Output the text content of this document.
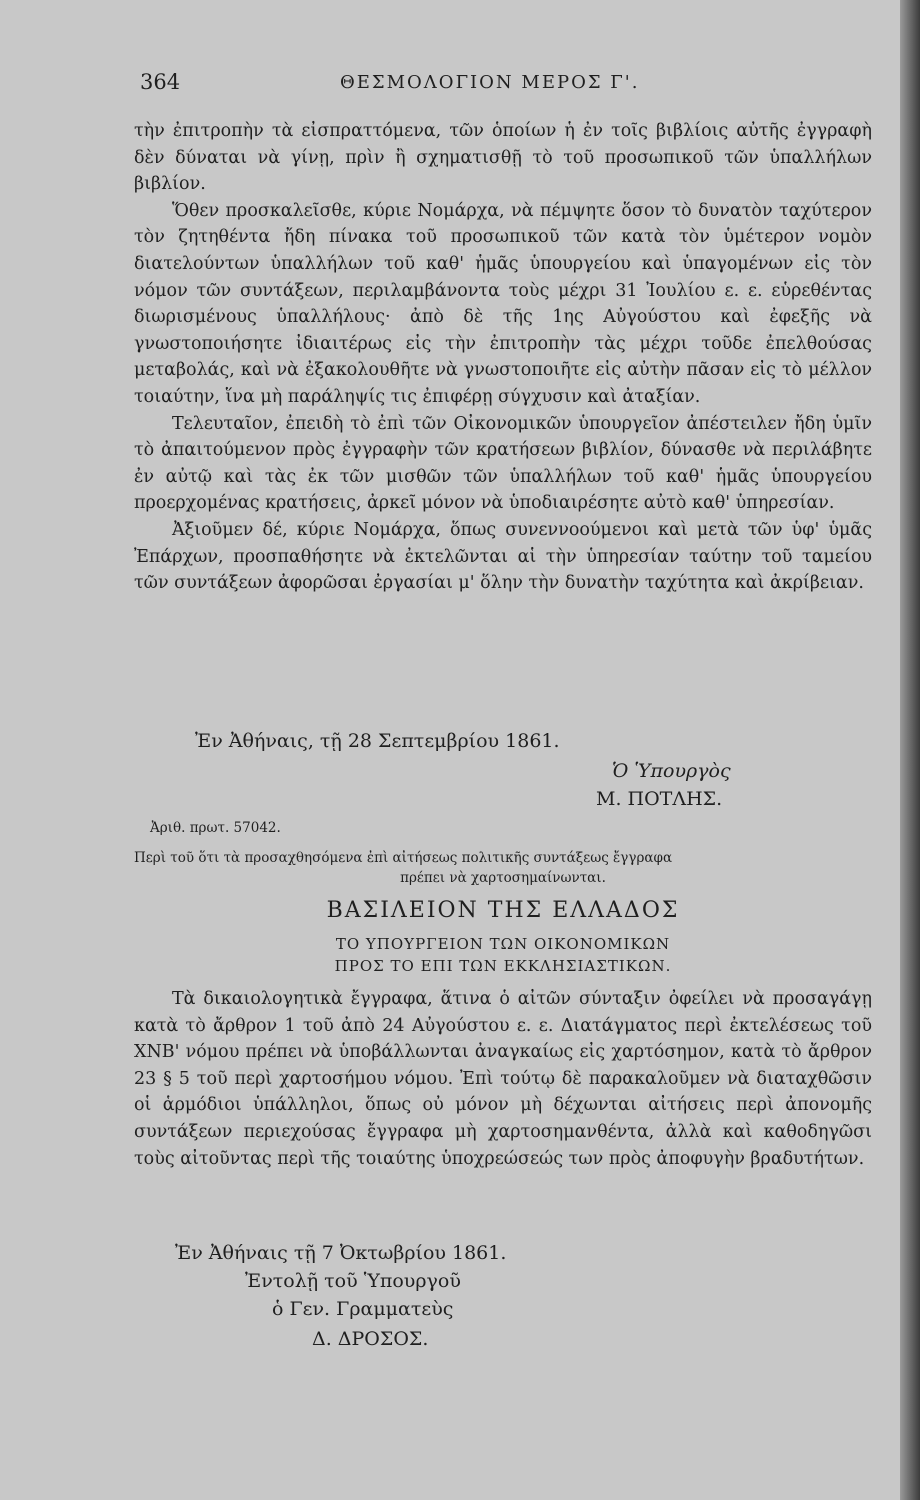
364	ΘΕΣΜΟΛΟΓΙΟΝ ΜΕΡΟΣ Γ'.

τὴν ἐπιτροπὴν τὰ εἰσπραττόμενα, τῶν ὁποίων ἡ ἐν τοῖς βιβλίοις αὐτῆς ἐγγραφὴ δὲν δύναται νὰ γίνῃ, πρὶν ἢ σχηματισθῇ τὸ τοῦ προσωπικοῦ τῶν ὑπαλλήλων βιβλίον.

Ὅθεν προσκαλεῖσθε, κύριε Νομάρχα, νὰ πέμψητε ὅσον τὸ δυνατὸν ταχύτερον τὸν ζητηθέντα ἤδη πίνακα τοῦ προσωπικοῦ τῶν κατὰ τὸν ὑμέτερον νομὸν διατελούντων ὑπαλλήλων τοῦ καθ' ἡμᾶς ὑπουργείου καὶ ὑπαγομένων εἰς τὸν νόμον τῶν συντάξεων, περιλαμβάνοντα τοὺς μέχρι 31 Ἰουλίου ε. ε. εὑρεθέντας διωρισμένους ὑπαλλήλους· ἀπὸ δὲ τῆς 1ης Αὐγούστου καὶ ἐφεξῆς νὰ γνωστοποιήσητε ἰδιαιτέρως εἰς τὴν ἐπιτροπὴν τὰς μέχρι τοῦδε ἐπελθούσας μεταβολάς, καὶ νὰ ἐξακολουθῆτε νὰ γνωστοποιῆτε εἰς αὐτὴν πᾶσαν εἰς τὸ μέλλον τοιαύτην, ἵνα μὴ παράληψίς τις ἐπιφέρῃ σύγχυσιν καὶ ἀταξίαν.

Τελευταῖον, ἐπειδὴ τὸ ἐπὶ τῶν Οἰκονομικῶν ὑπουργεῖον ἀπέστειλεν ἤδη ὑμῖν τὸ ἀπαιτούμενον πρὸς ἐγγραφὴν τῶν κρατήσεων βιβλίον, δύνασθε νὰ περιλάβητε ἐν αὐτῷ καὶ τὰς ἐκ τῶν μισθῶν τῶν ὑπαλλήλων τοῦ καθ' ἡμᾶς ὑπουργείου προερχομένας κρατήσεις, ἀρκεῖ μόνον νὰ ὑποδιαιρέσητε αὐτὸ καθ' ὑπηρεσίαν.

Ἀξιοῦμεν δέ, κύριε Νομάρχα, ὅπως συνεννοούμενοι καὶ μετὰ τῶν ὑφ' ὑμᾶς Ἐπάρχων, προσπαθήσητε νὰ ἐκτελῶνται αἱ τὴν ὑπηρεσίαν ταύτην τοῦ ταμείου τῶν συντάξεων ἀφορῶσαι ἐργασίαι μ' ὅλην τὴν δυνατὴν ταχύτητα καὶ ἀκρίβειαν.

Ἐν Ἀθήναις, τῇ 28 Σεπτεμβρίου 1861.
Ὁ Ὑπουργὸς
Μ. ΠΟΤΛΗΣ.
Ἀριθ. πρωτ. 57042.
Περὶ τοῦ ὅτι τὰ προσαχθησόμενα ἐπὶ αἰτήσεως πολιτικῆς συντάξεως ἔγγραφα
πρέπει νὰ χαρτοσημαίνωνται.
ΒΑΣΙΛΕΙΟΝ ΤΗΣ ΕΛΛΑΔΟΣ
ΤΟ ΥΠΟΥΡΓΕΙΟΝ ΤΩΝ ΟΙΚΟΝΟΜΙΚΩΝ
ΠΡΟΣ ΤΟ ΕΠΙ ΤΩΝ ΕΚΚΛΗΣΙΑΣΤΙΚΩΝ.

Τὰ δικαιολογητικὰ ἔγγραφα, ἅτινα ὁ αἰτῶν σύνταξιν ὀφείλει νὰ προσαγάγῃ κατὰ τὸ ἄρθρον 1 τοῦ ἀπὸ 24 Αὐγούστου ε. ε. Διατάγματος περὶ ἐκτελέσεως τοῦ ΧΝΒ' νόμου πρέπει νὰ ὑποβάλλωνται ἀναγκαίως εἰς χαρτόσημον, κατὰ τὸ ἄρθρον 23 § 5 τοῦ περὶ χαρτοσήμου νόμου. Ἐπὶ τούτῳ δὲ παρακαλοῦμεν νὰ διαταχθῶσιν οἱ ἁρμόδιοι ὑπάλληλοι, ὅπως οὐ μόνον μὴ δέχωνται αἰτήσεις περὶ ἀπονομῆς συντάξεων περιεχούσας ἔγγραφα μὴ χαρτοσημανθέντα, ἀλλὰ καὶ καθοδηγῶσι τοὺς αἰτοῦντας περὶ τῆς τοιαύτης ὑποχρεώσεώς των πρὸς ἀποφυγὴν βραδυτήτων.

Ἐν Ἀθήναις τῇ 7 Ὀκτωβρίου 1861.
Ἐντολῇ τοῦ Ὑπουργοῦ
ὁ Γεν. Γραμματεὺς
Δ. ΔΡΟΣΟΣ.
